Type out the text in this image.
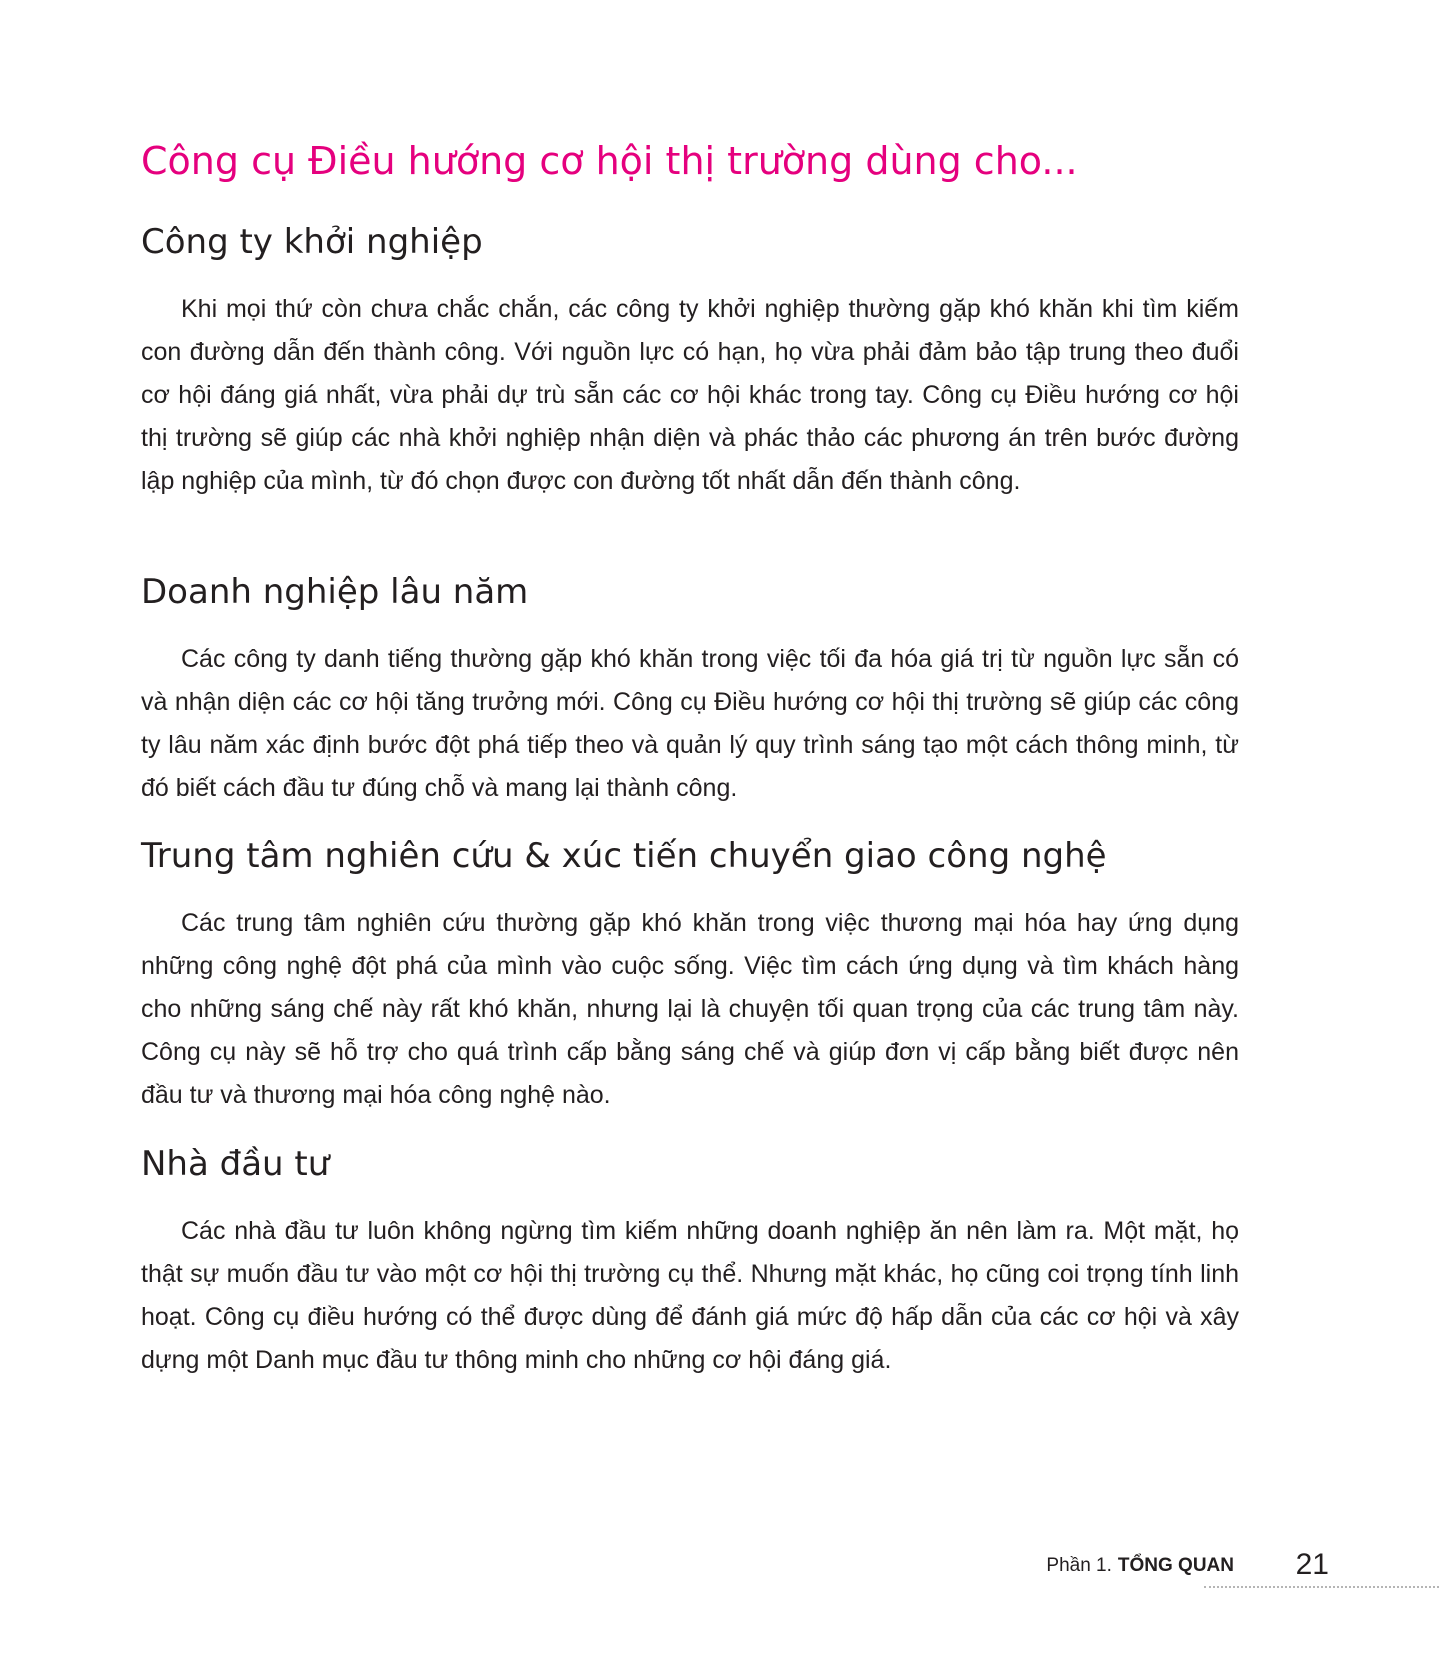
Công cụ Điều hướng cơ hội thị trường dùng cho...
Công ty khởi nghiệp

Khi mọi thứ còn chưa chắc chắn, các công ty khởi nghiệp thường gặp khó khăn khi tìm kiếm con đường dẫn đến thành công. Với nguồn lực có hạn, họ vừa phải đảm bảo tập trung theo đuổi cơ hội đáng giá nhất, vừa phải dự trù sẵn các cơ hội khác trong tay. Công cụ Điều hướng cơ hội thị trường sẽ giúp các nhà khởi nghiệp nhận diện và phác thảo các phương án trên bước đường lập nghiệp của mình, từ đó chọn được con đường tốt nhất dẫn đến thành công.

Doanh nghiệp lâu năm

Các công ty danh tiếng thường gặp khó khăn trong việc tối đa hóa giá trị từ nguồn lực sẵn có và nhận diện các cơ hội tăng trưởng mới. Công cụ Điều hướng cơ hội thị trường sẽ giúp các công ty lâu năm xác định bước đột phá tiếp theo và quản lý quy trình sáng tạo một cách thông minh, từ đó biết cách đầu tư đúng chỗ và mang lại thành công.

Trung tâm nghiên cứu & xúc tiến chuyển giao công nghệ

Các trung tâm nghiên cứu thường gặp khó khăn trong việc thương mại hóa hay ứng dụng những công nghệ đột phá của mình vào cuộc sống. Việc tìm cách ứng dụng và tìm khách hàng cho những sáng chế này rất khó khăn, nhưng lại là chuyện tối quan trọng của các trung tâm này. Công cụ này sẽ hỗ trợ cho quá trình cấp bằng sáng chế và giúp đơn vị cấp bằng biết được nên đầu tư và thương mại hóa công nghệ nào.

Nhà đầu tư

Các nhà đầu tư luôn không ngừng tìm kiếm những doanh nghiệp ăn nên làm ra. Một mặt, họ thật sự muốn đầu tư vào một cơ hội thị trường cụ thể. Nhưng mặt khác, họ cũng coi trọng tính linh hoạt. Công cụ điều hướng có thể được dùng để đánh giá mức độ hấp dẫn của các cơ hội và xây dựng một Danh mục đầu tư thông minh cho những cơ hội đáng giá.

Phần 1. TỔNG QUAN 21
